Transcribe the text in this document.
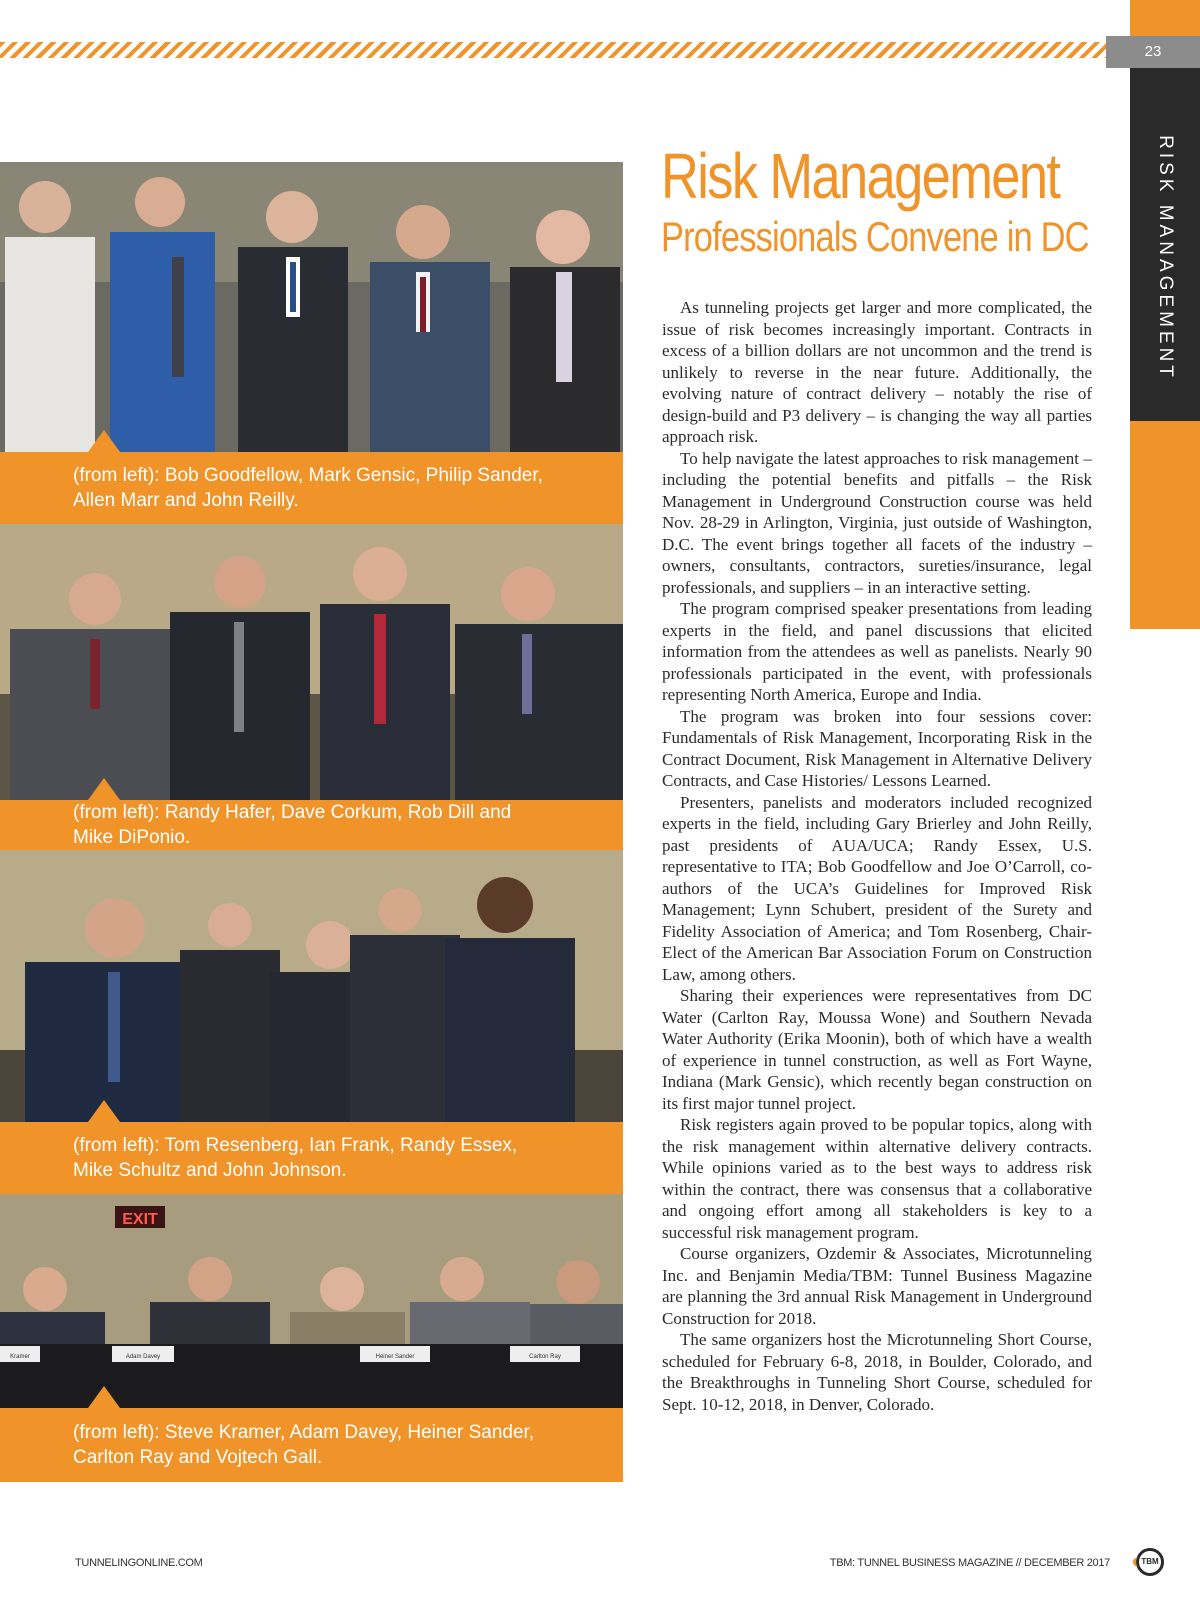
23
RISK MANAGEMENT
(from left): Bob Goodfellow, Mark Gensic, Philip Sander, Allen Marr and John Reilly.
(from left): Randy Hafer, Dave Corkum, Rob Dill and Mike DiPonio.
(from left): Tom Resenberg, Ian Frank, Randy Essex, Mike Schultz and John Johnson.
EXIT
Kramer	Adam Davey	Heiner Sander	Carlton Ray
(from left): Steve Kramer, Adam Davey, Heiner Sander, Carlton Ray and Vojtech Gall.
Risk Management
Professionals Convene in DC

As tunneling projects get larger and more complicated, the issue of risk becomes increasingly important. Contracts in excess of a billion dollars are not uncommon and the trend is unlikely to reverse in the near future. Additionally, the evolving nature of contract delivery – notably the rise of design-build and P3 delivery – is changing the way all parties approach risk.

To help navigate the latest approaches to risk management – including the potential benefits and pitfalls – the Risk Management in Underground Construction course was held Nov. 28-29 in Arlington, Virginia, just outside of Washington, D.C. The event brings together all facets of the industry – owners, consultants, contractors, sureties/insurance, legal professionals, and suppliers – in an interactive setting.

The program comprised speaker presentations from leading experts in the field, and panel discussions that elicited information from the attendees as well as panelists. Nearly 90 professionals participated in the event, with professionals representing North America, Europe and India.

The program was broken into four sessions cover: Fundamentals of Risk Management, Incorporating Risk in the Contract Document, Risk Management in Alternative Delivery Contracts, and Case Histories/ Lessons Learned.

Presenters, panelists and moderators included recognized experts in the field, including Gary Brierley and John Reilly, past presidents of AUA/UCA; Randy Essex, U.S. representative to ITA; Bob Goodfellow and Joe O’Carroll, co-authors of the UCA’s Guidelines for Improved Risk Management; Lynn Schubert, president of the Surety and Fidelity Association of America; and Tom Rosenberg, Chair-Elect of the American Bar Association Forum on Construction Law, among others.

Sharing their experiences were representatives from DC Water (Carlton Ray, Moussa Wone) and Southern Nevada Water Authority (Erika Moonin), both of which have a wealth of experience in tunnel construction, as well as Fort Wayne, Indiana (Mark Gensic), which recently began construction on its first major tunnel project.

Risk registers again proved to be popular topics, along with the risk management within alternative delivery contracts. While opinions varied as to the best ways to address risk within the contract, there was consensus that a collaborative and ongoing effort among all stakeholders is key to a successful risk management program.

Course organizers, Ozdemir & Associates, Microtunneling Inc. and Benjamin Media/TBM: Tunnel Business Magazine are planning the 3rd annual Risk Management in Underground Construction for 2018.

The same organizers host the Microtunneling Short Course, scheduled for February 6-8, 2018, in Boulder, Colorado, and the Breakthroughs in Tunneling Short Course, scheduled for Sept. 10-12, 2018, in Denver, Colorado.

TUNNELINGONLINE.COM	TBM: TUNNEL BUSINESS MAGAZINE // DECEMBER 2017	TBM
